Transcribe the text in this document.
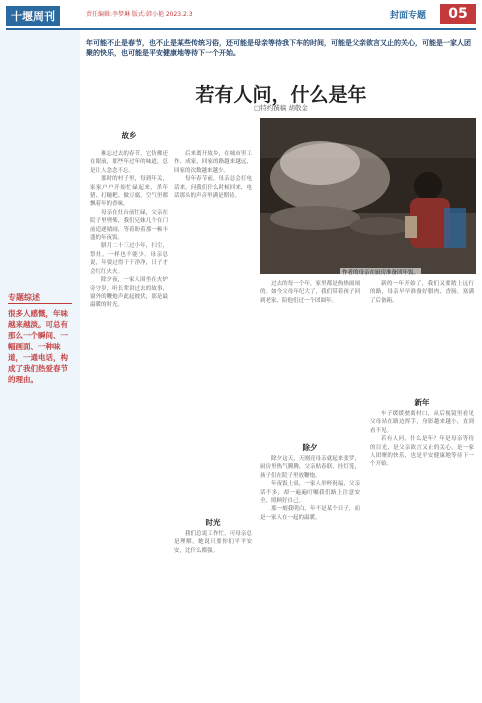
十堰周刊	责任编辑:李梦琳 版式:韩小艳 2023.2.3	封面专题	05
专题综述
很多人感慨，年味越来越淡。可总有那么一个瞬间、一幅画面、一种味道，一通电话，构成了我们热爱春节的理由。
年可能不止是春节，也不止是某些传统习俗，还可能是母亲等待我下车的时间，可能是父亲欲言又止的关心，可能是一家人团聚的快乐，也可能是平安健康地等待下一个开始。
若有人问，什么是年
□特约撰稿 胡敬金
作者的母亲在厨房准备团年饭。
故乡

难忘过去的春节，它仿佛还在眼前，那些年过年的味道，总是让人念念不忘。

那时的村子里，每到年关，家家户户开始忙碌起来，杀年猪、打糍粑、做豆腐，空气里都飘着年的香味。

母亲在灶台前忙碌，父亲在院子里劈柴，我们兄妹几个在门前追逐嬉闹，等着盼着那一顿丰盛的年夜饭。

腊月二十三过小年，扫尘、祭灶，一样也不能少。母亲总说，年要过得干干净净，日子才会红红火火。

除夕夜，一家人围坐在火炉旁守岁，听长辈讲过去的故事，窗外的鞭炮声此起彼伏，那是最温暖的时光。

后来离开故乡，在城市里工作、成家，回家的路越来越远，回家的次数越来越少。

每年春节前，母亲总会打电话来，问我们什么时候回来，电话那头的声音里满是期待。

时光

我们总说工作忙，可母亲总是理解，她说只要你们平平安安，比什么都强。

过去的每一个年，家里都是热热闹闹的。如今父母年纪大了，我们带着孩子回到老家，陪他们过一个团圆年。

除夕

除夕这天，天刚亮母亲就起来张罗，厨房里热气腾腾，父亲贴春联、挂灯笼，孩子们在院子里放鞭炮。

年夜饭上桌，一家人举杯祝福，父亲话不多，却一遍遍叮嘱我们路上注意安全，照顾好自己。

那一刻我明白，年不是某个日子，而是一家人在一起的温暖。

新的一年开始了，我们又要踏上远行的路，母亲早早准备好腊肉、香肠，塞满了后备箱。

新年

车子缓缓驶离村口，从后视镜里看见父母站在路边挥手，身影越来越小，直到看不见。

若有人问，什么是年？年是母亲等待的目光，是父亲欲言又止的关心，是一家人团聚的快乐，也是平安健康地等待下一个开始。
